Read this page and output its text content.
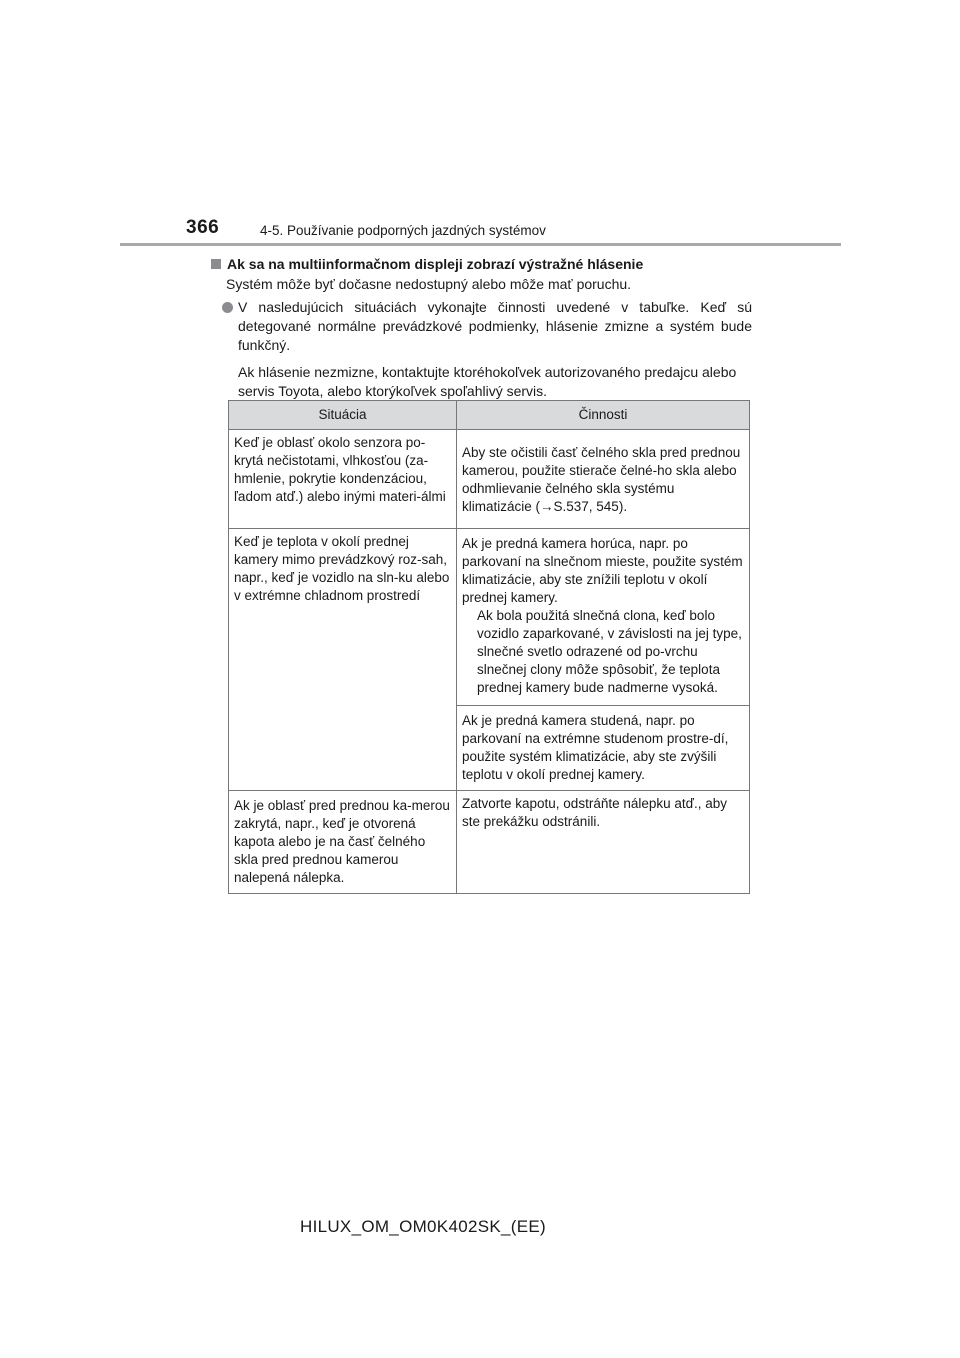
366	4-5. Používanie podporných jazdných systémov
Ak sa na multiinformačnom displeji zobrazí výstražné hlásenie
Systém môže byť dočasne nedostupný alebo môže mať poruchu.
V nasledujúcich situáciách vykonajte činnosti uvedené v tabuľke. Keď sú detegované normálne prevádzkové podmienky, hlásenie zmizne a systém bude funkčný.
Ak hlásenie nezmizne, kontaktujte ktoréhokoľvek autorizovaného predajcu alebo servis Toyota, alebo ktorýkoľvek spoľahlivý servis.
Situácia	Činnosti
Keď je oblasť okolo senzora po-krytá nečistotami, vlhkosťou (za-hmlenie, pokrytie kondenzáciou, ľadom atď.) alebo inými materi-álmi	Aby ste očistili časť čelného skla pred prednou kamerou, použite stierače čelné-ho skla alebo odhmlievanie čelného skla systému klimatizácie (→S.537, 545).
Keď je teplota v okolí prednej kamery mimo prevádzkový roz-sah, napr., keď je vozidlo na sln-ku alebo v extrémne chladnom prostredí	Ak je predná kamera horúca, napr. po parkovaní na slnečnom mieste, použite systém klimatizácie, aby ste znížili teplotu v okolí prednej kamery.
Ak bola použitá slnečná clona, keď bolo vozidlo zaparkované, v závislosti na jej type, slnečné svetlo odrazené od po-vrchu slnečnej clony môže spôsobiť, že teplota prednej kamery bude nadmerne vysoká.

	Ak je predná kamera studená, napr. po parkovaní na extrémne studenom prostre-dí, použite systém klimatizácie, aby ste zvýšili teplotu v okolí prednej kamery.
Ak je oblasť pred prednou ka-merou zakrytá, napr., keď je otvorená kapota alebo je na časť čelného skla pred prednou kamerou nalepená nálepka.	Zatvorte kapotu, odstráňte nálepku atď., aby ste prekážku odstránili.
HILUX_OM_OM0K402SK_(EE)
